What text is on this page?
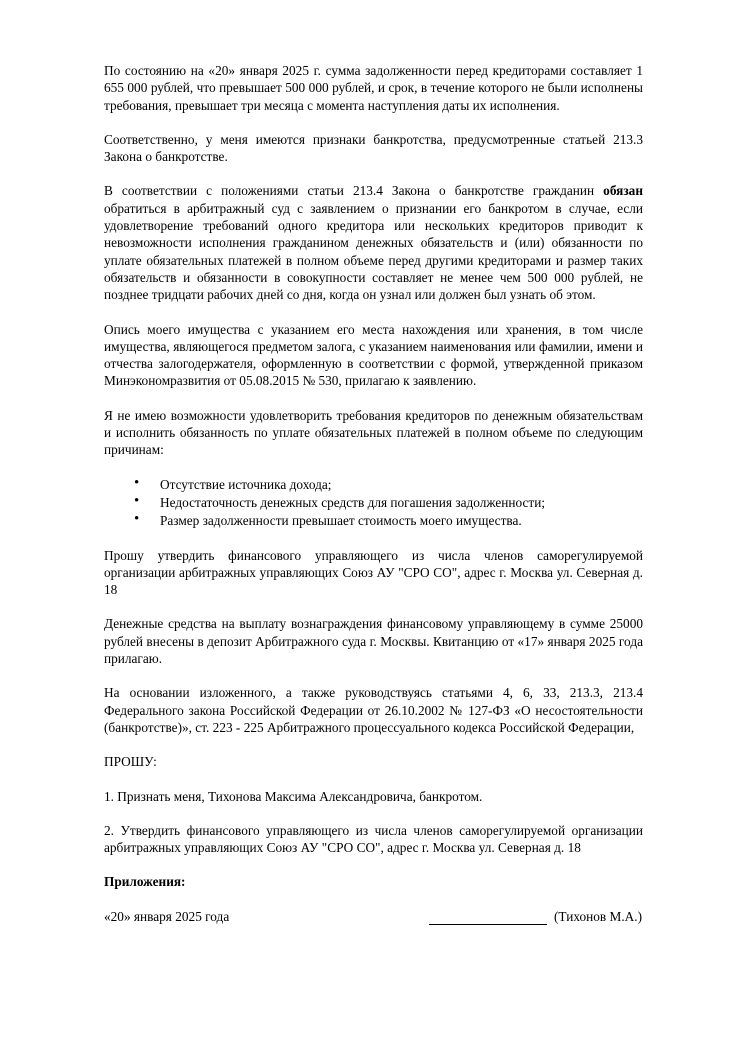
По состоянию на «20» января 2025 г. сумма задолженности перед кредиторами составляет 1 655 000 рублей, что превышает 500 000 рублей, и срок, в течение которого не были исполнены требования, превышает три месяца с момента наступления даты их исполнения.

Соответственно, у меня имеются признаки банкротства, предусмотренные статьей 213.3 Закона о банкротстве.

В соответствии с положениями статьи 213.4 Закона о банкротстве гражданин обязан обратиться в арбитражный суд с заявлением о признании его банкротом в случае, если удовлетворение требований одного кредитора или нескольких кредиторов приводит к невозможности исполнения гражданином денежных обязательств и (или) обязанности по уплате обязательных платежей в полном объеме перед другими кредиторами и размер таких обязательств и обязанности в совокупности составляет не менее чем 500 000 рублей, не позднее тридцати рабочих дней со дня, когда он узнал или должен был узнать об этом.

Опись моего имущества с указанием его места нахождения или хранения, в том числе имущества, являющегося предметом залога, с указанием наименования или фамилии, имени и отчества залогодержателя, оформленную в соответствии с формой, утвержденной приказом Минэкономразвития от 05.08.2015 № 530, прилагаю к заявлению.

Я не имею возможности удовлетворить требования кредиторов по денежным обязательствам и исполнить обязанность по уплате обязательных платежей в полном объеме по следующим причинам:

• Отсутствие источника дохода;
• Недостаточность денежных средств для погашения задолженности;
• Размер задолженности превышает стоимость моего имущества.

Прошу утвердить финансового управляющего из числа членов саморегулируемой организации арбитражных управляющих Союз АУ "СРО СО", адрес г. Москва ул. Северная д. 18

Денежные средства на выплату вознаграждения финансовому управляющему в сумме 25000 рублей внесены в депозит Арбитражного суда г. Москвы. Квитанцию от «17» января 2025 года прилагаю.

На основании изложенного, а также руководствуясь статьями 4, 6, 33, 213.3, 213.4 Федерального закона Российской Федерации от 26.10.2002 № 127-ФЗ «О несостоятельности (банкротстве)», ст. 223 - 225 Арбитражного процессуального кодекса Российской Федерации,

ПРОШУ:

1. Признать меня, Тихонова Максима Александровича, банкротом.

2. Утвердить финансового управляющего из числа членов саморегулируемой организации арбитражных управляющих Союз АУ "СРО СО", адрес г. Москва ул. Северная д. 18

Приложения:

«20» января 2025 года	(Тихонов М.А.)
